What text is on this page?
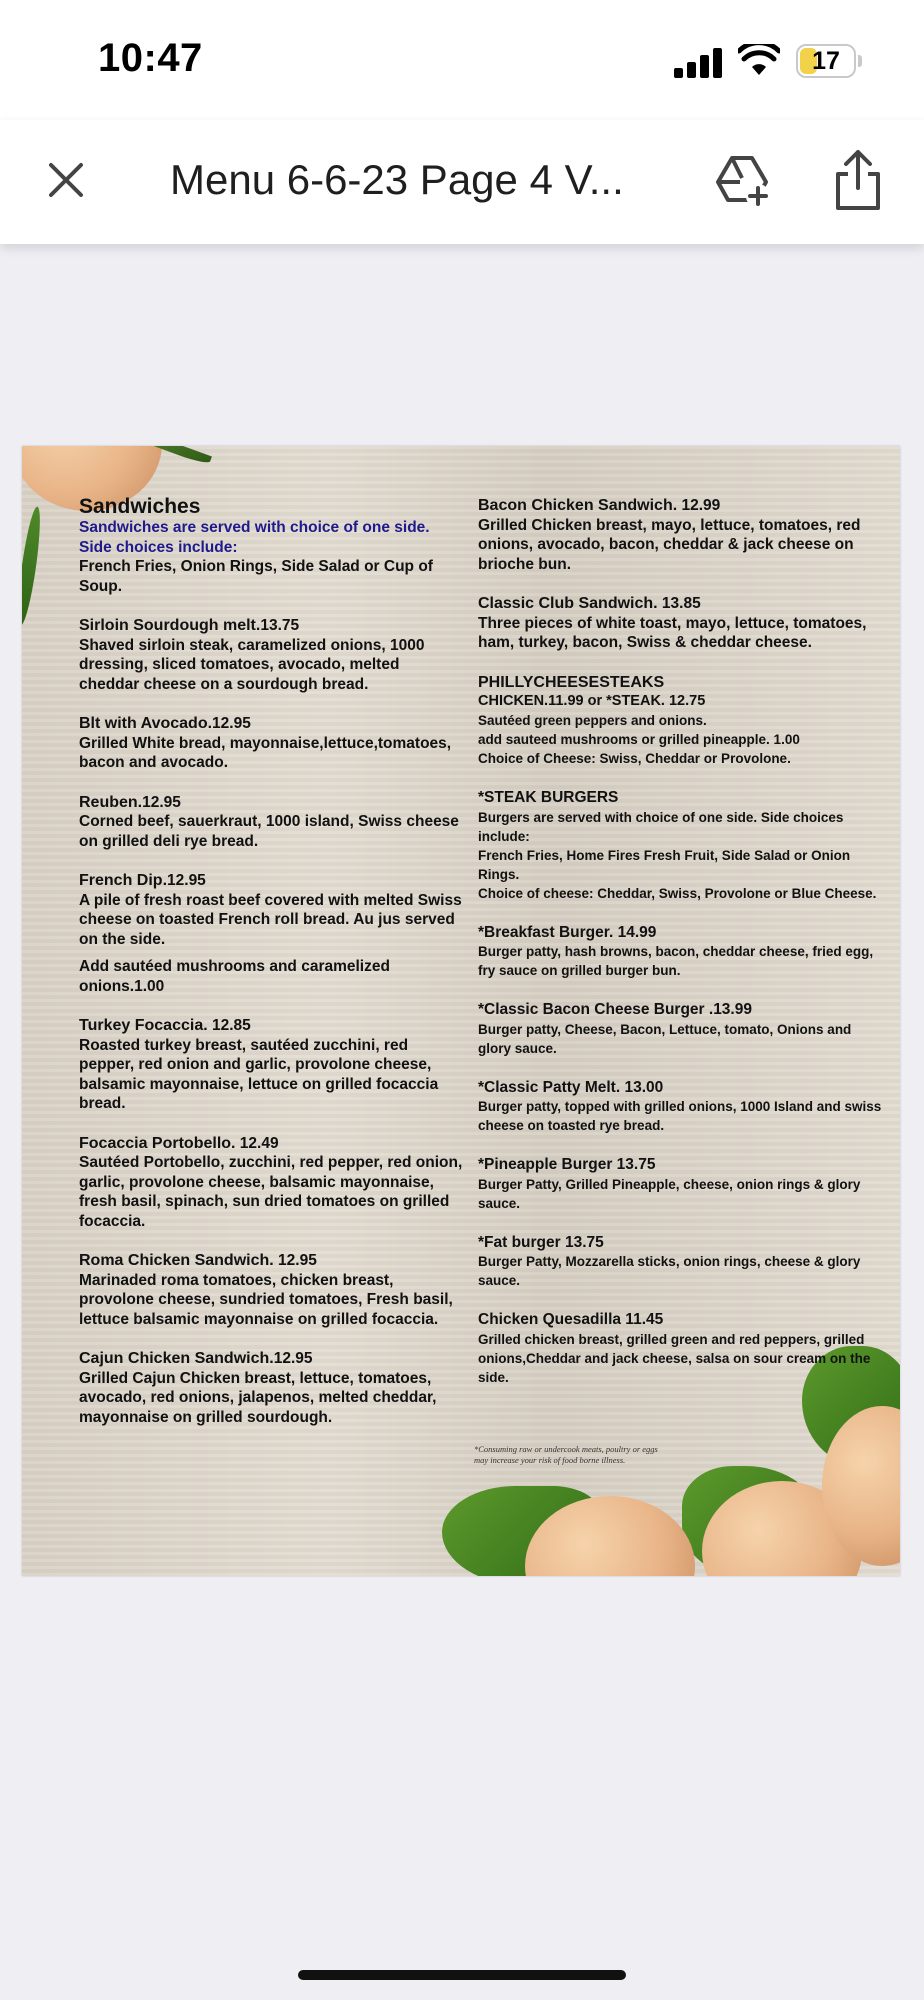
10:47	17
Menu 6-6-23 Page 4 V...

Sandwiches

Sandwiches are served with choice of one side. Side choices include:

French Fries, Onion Rings, Side Salad or Cup of Soup.

Sirloin Sourdough melt.13.75

Shaved sirloin steak, caramelized onions, 1000 dressing, sliced tomatoes, avocado, melted cheddar cheese on a sourdough bread.

Blt with Avocado.12.95

Grilled White bread, mayonnaise,lettuce,tomatoes, bacon and avocado.

Reuben.12.95

Corned beef, sauerkraut, 1000 island, Swiss cheese on grilled deli rye bread.

French Dip.12.95

A pile of fresh roast beef covered with melted Swiss cheese on toasted French roll bread. Au jus served on the side.

Add sautéed mushrooms and caramelized onions.1.00

Turkey Focaccia. 12.85

Roasted turkey breast, sautéed zucchini, red pepper, red onion and garlic, provolone cheese, balsamic mayonnaise, lettuce on grilled focaccia bread.

Focaccia Portobello. 12.49

Sautéed Portobello, zucchini, red pepper, red onion, garlic, provolone cheese, balsamic mayonnaise, fresh basil, spinach, sun dried tomatoes on grilled focaccia.

Roma Chicken Sandwich. 12.95

Marinaded roma tomatoes, chicken breast, provolone cheese, sundried tomatoes, Fresh basil, lettuce balsamic mayonnaise on grilled focaccia.

Cajun Chicken Sandwich.12.95

Grilled Cajun Chicken breast, lettuce, tomatoes, avocado, red onions, jalapenos, melted cheddar, mayonnaise on grilled sourdough.

Bacon Chicken Sandwich. 12.99

Grilled Chicken breast, mayo, lettuce, tomatoes, red onions, avocado, bacon, cheddar & jack cheese on brioche bun.

Classic Club Sandwich. 13.85

Three pieces of white toast, mayo, lettuce, tomatoes, ham, turkey, bacon, Swiss & cheddar cheese.

PHILLYCHEESESTEAKS

CHICKEN.11.99 or *STEAK. 12.75

Sautéed green peppers and onions.

add sauteed mushrooms or grilled pineapple. 1.00

Choice of Cheese: Swiss, Cheddar or Provolone.

*STEAK BURGERS

Burgers are served with choice of one side. Side choices include:

French Fries, Home Fires Fresh Fruit, Side Salad or Onion Rings.

Choice of cheese: Cheddar, Swiss, Provolone or Blue Cheese.

*Breakfast Burger. 14.99

Burger patty, hash browns, bacon, cheddar cheese, fried egg, fry sauce on grilled burger bun.

*Classic Bacon Cheese Burger .13.99

Burger patty, Cheese, Bacon, Lettuce, tomato, Onions and glory sauce.

*Classic Patty Melt. 13.00

Burger patty, topped with grilled onions, 1000 Island and swiss cheese on toasted rye bread.

*Pineapple Burger 13.75

Burger Patty, Grilled Pineapple, cheese, onion rings & glory sauce.

*Fat burger 13.75

Burger Patty, Mozzarella sticks, onion rings, cheese & glory sauce.

Chicken Quesadilla 11.45

Grilled chicken breast, grilled green and red peppers, grilled onions,Cheddar and jack cheese, salsa on sour cream on the side.

*Consuming raw or undercook meats, poultry or eggs may increase your risk of food borne illness.
